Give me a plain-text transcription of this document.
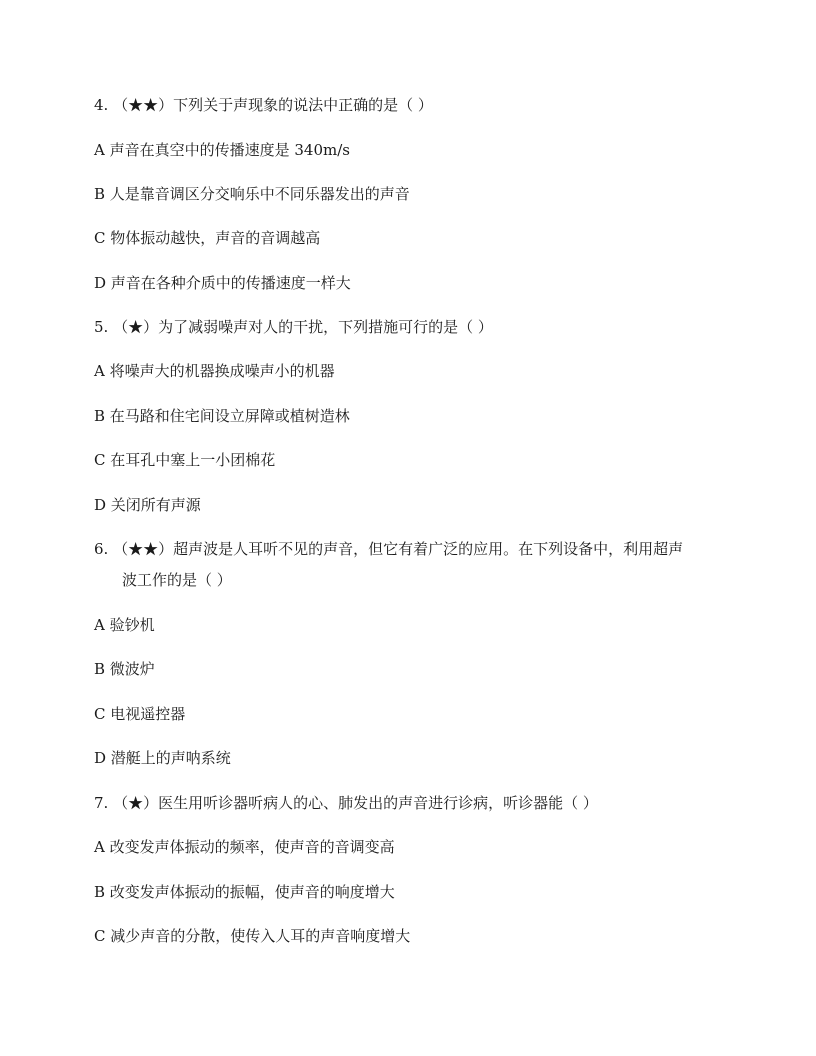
4. （★★）下列关于声现象的说法中正确的是（ ）
A 声音在真空中的传播速度是 340m/s
B 人是靠音调区分交响乐中不同乐器发出的声音
C 物体振动越快，声音的音调越高
D 声音在各种介质中的传播速度一样大
5. （★）为了减弱噪声对人的干扰，下列措施可行的是（ ）
A 将噪声大的机器换成噪声小的机器
B 在马路和住宅间设立屏障或植树造林
C 在耳孔中塞上一小团棉花
D 关闭所有声源
6. （★★）超声波是人耳听不见的声音，但它有着广泛的应用。在下列设备中，利用超声
波工作的是（ ）
A 验钞机
B 微波炉
C 电视遥控器
D 潜艇上的声呐系统
7. （★）医生用听诊器听病人的心、肺发出的声音进行诊病，听诊器能（ ）
A 改变发声体振动的频率，使声音的音调变高
B 改变发声体振动的振幅，使声音的响度增大
C 减少声音的分散，使传入人耳的声音响度增大
